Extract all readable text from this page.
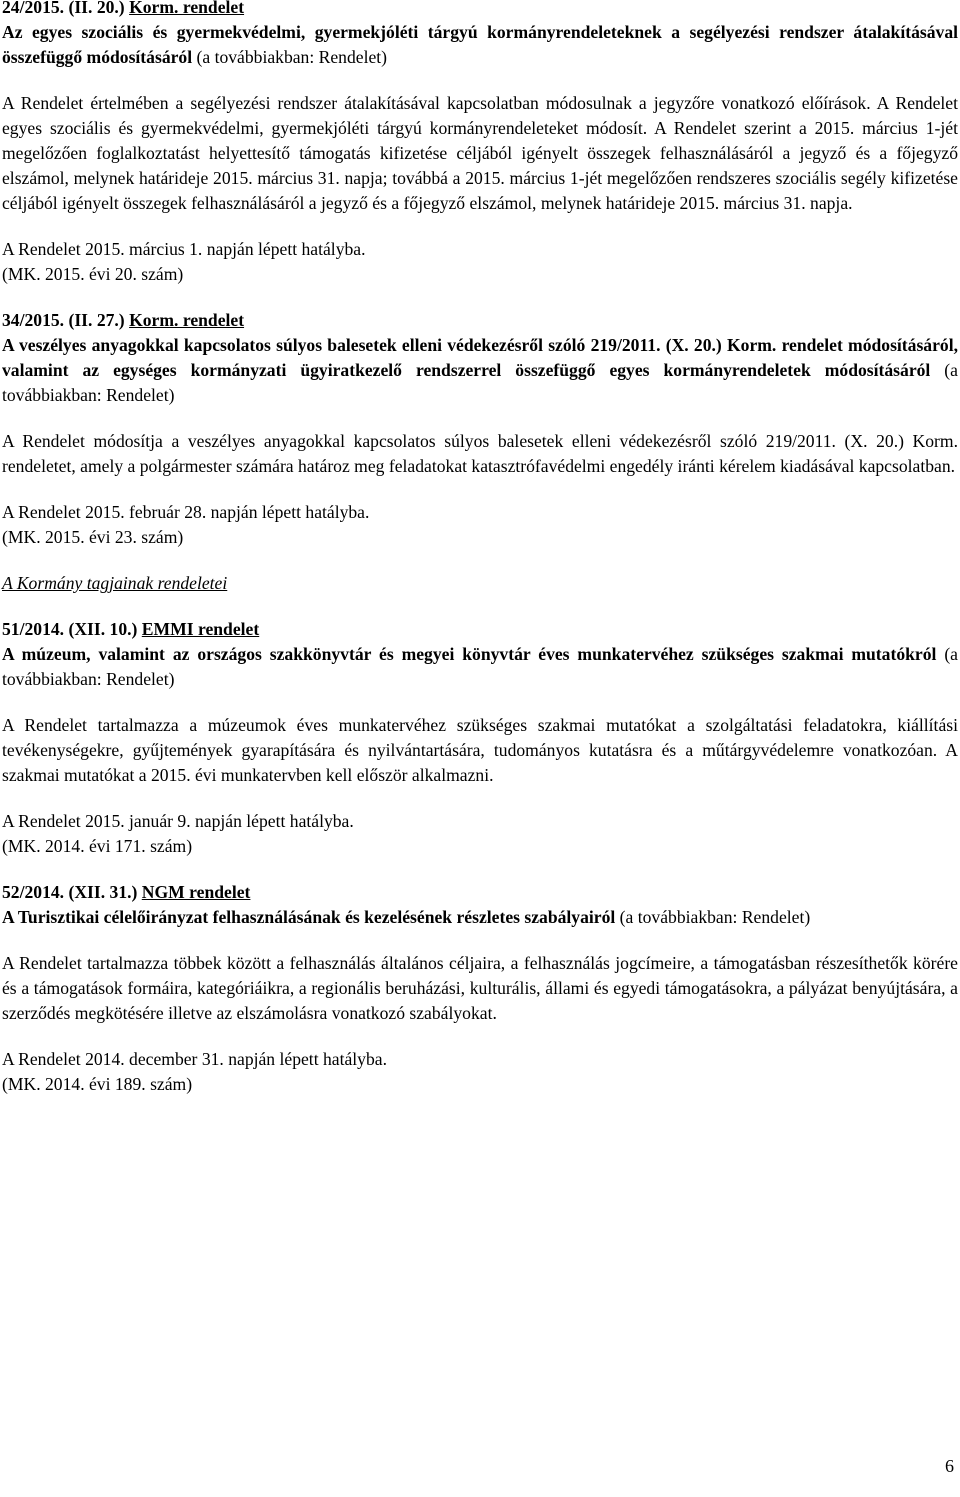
24/2015. (II. 20.) Korm. rendelet

Az egyes szociális és gyermekvédelmi, gyermekjóléti tárgyú kormányrendeleteknek a segélyezési rendszer átalakításával összefüggő módosításáról (a továbbiakban: Rendelet)

A Rendelet értelmében a segélyezési rendszer átalakításával kapcsolatban módosulnak a jegyzőre vonatkozó előírások. A Rendelet egyes szociális és gyermekvédelmi, gyermekjóléti tárgyú kormányrendeleteket módosít. A Rendelet szerint a 2015. március 1-jét megelőzően foglalkoztatást helyettesítő támogatás kifizetése céljából igényelt összegek felhasználásáról a jegyző és a főjegyző elszámol, melynek határideje 2015. március 31. napja; továbbá a 2015. március 1-jét megelőzően rendszeres szociális segély kifizetése céljából igényelt összegek felhasználásáról a jegyző és a főjegyző elszámol, melynek határideje 2015. március 31. napja.

A Rendelet 2015. március 1. napján lépett hatályba.

(MK. 2015. évi 20. szám)

34/2015. (II. 27.) Korm. rendelet

A veszélyes anyagokkal kapcsolatos súlyos balesetek elleni védekezésről szóló 219/2011. (X. 20.) Korm. rendelet módosításáról, valamint az egységes kormányzati ügyiratkezelő rendszerrel összefüggő egyes kormányrendeletek módosításáról (a továbbiakban: Rendelet)

A Rendelet módosítja a veszélyes anyagokkal kapcsolatos súlyos balesetek elleni védekezésről szóló 219/2011. (X. 20.) Korm. rendeletet, amely a polgármester számára határoz meg feladatokat katasztrófavédelmi engedély iránti kérelem kiadásával kapcsolatban.

A Rendelet 2015. február 28. napján lépett hatályba.

(MK. 2015. évi 23. szám)

A Kormány tagjainak rendeletei

51/2014. (XII. 10.) EMMI rendelet

A múzeum, valamint az országos szakkönyvtár és megyei könyvtár éves munkatervéhez szükséges szakmai mutatókról (a továbbiakban: Rendelet)

A Rendelet tartalmazza a múzeumok éves munkatervéhez szükséges szakmai mutatókat a szolgáltatási feladatokra, kiállítási tevékenységekre, gyűjtemények gyarapítására és nyilvántartására, tudományos kutatásra és a műtárgyvédelemre vonatkozóan. A szakmai mutatókat a 2015. évi munkatervben kell először alkalmazni.

A Rendelet 2015. január 9. napján lépett hatályba.

(MK. 2014. évi 171. szám)

52/2014. (XII. 31.) NGM rendelet

A Turisztikai célelőirányzat felhasználásának és kezelésének részletes szabályairól (a továbbiakban: Rendelet)

A Rendelet tartalmazza többek között a felhasználás általános céljaira, a felhasználás jogcímeire, a támogatásban részesíthetők körére és a támogatások formáira, kategóriáikra, a regionális beruházási, kulturális, állami és egyedi támogatásokra, a pályázat benyújtására, a szerződés megkötésére illetve az elszámolásra vonatkozó szabályokat.

A Rendelet 2014. december 31. napján lépett hatályba.

(MK. 2014. évi 189. szám)

6
